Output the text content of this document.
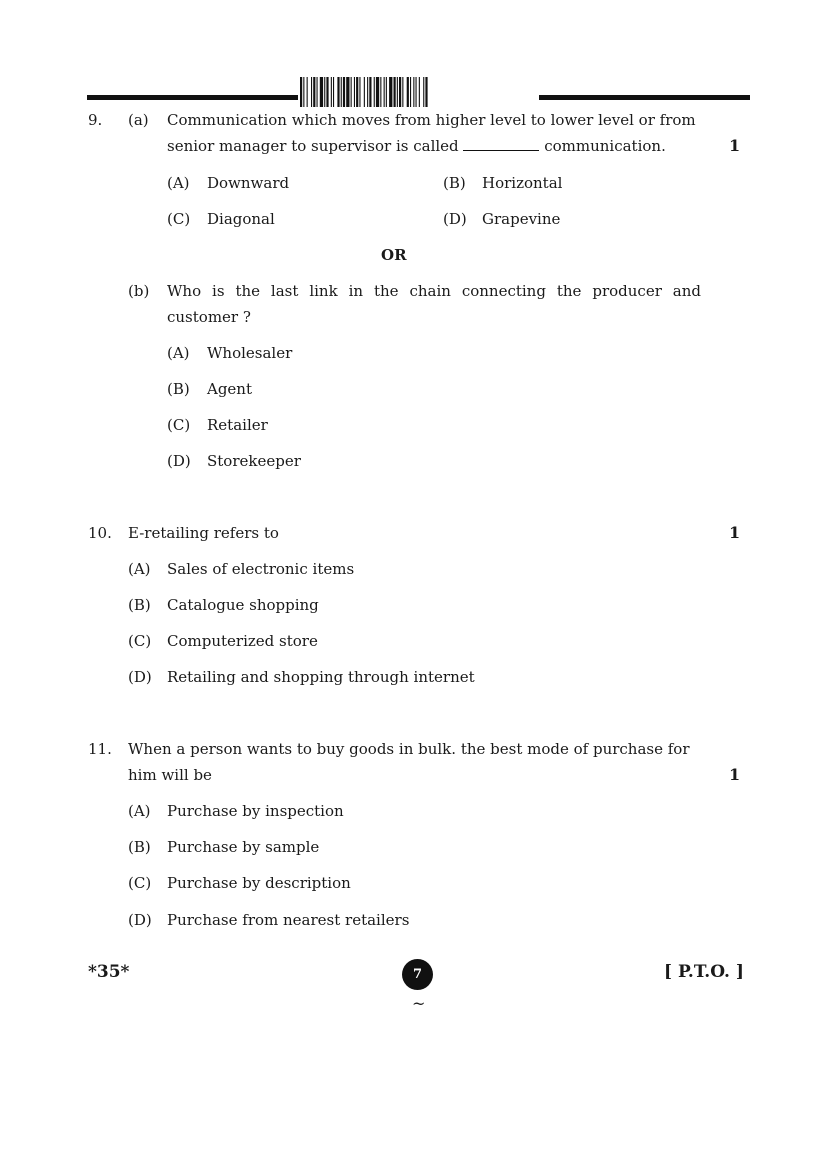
9. (a) Communication which moves from higher level to lower level or from
senior manager to supervisor is called	communication.	1
(A) Downward	(B) Horizontal
(C) Diagonal	(D) Grapevine
OR
(b) Who is the last link in the chain connecting the producer and
customer ?
(A) Wholesaler
(B) Agent
(C) Retailer
(D) Storekeeper
10. E-retailing refers to	1
(A) Sales of electronic items
(B) Catalogue shopping
(C) Computerized store
(D) Retailing and shopping through internet
11. When a person wants to buy goods in bulk. the best mode of purchase for
him will be	1
(A) Purchase by inspection
(B) Purchase by sample
(C) Purchase by description
(D) Purchase from nearest retailers
*35*	7	[ P.T.O. ]
~
